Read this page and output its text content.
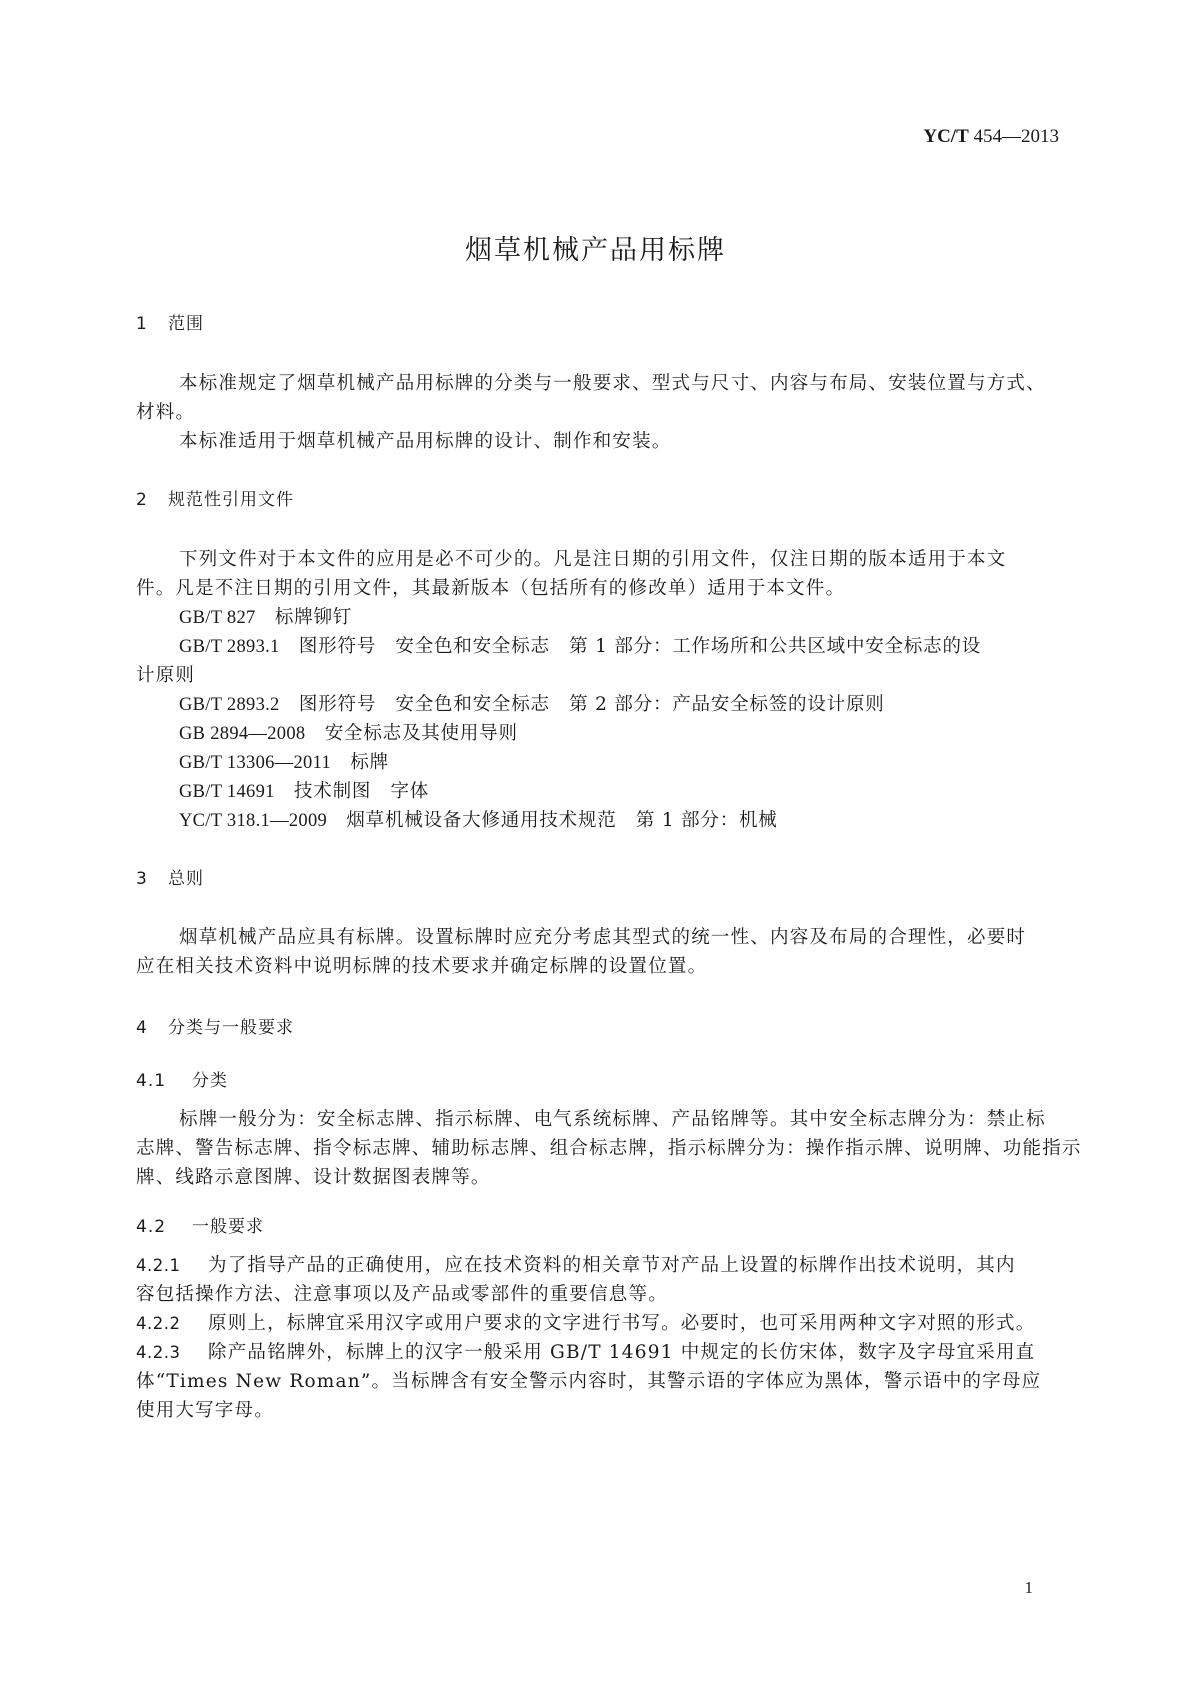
YC/T 454—2013
烟草机械产品用标牌
1 范围
本标准规定了烟草机械产品用标牌的分类与一般要求、型式与尺寸、内容与布局、安装位置与方式、
材料。
本标准适用于烟草机械产品用标牌的设计、制作和安装。
2 规范性引用文件
下列文件对于本文件的应用是必不可少的。凡是注日期的引用文件，仅注日期的版本适用于本文
件。凡是不注日期的引用文件，其最新版本（包括所有的修改单）适用于本文件。
GB/T 827　 标牌铆钉
GB/T 2893.1　 图形符号　安全色和安全标志　第 1 部分：工作场所和公共区域中安全标志的设
计原则
GB/T 2893.2　 图形符号　安全色和安全标志　第 2 部分：产品安全标签的设计原则
GB 2894—2008　 安全标志及其使用导则
GB/T 13306—2011　 标牌
GB/T 14691　 技术制图　字体
YC/T 318.1—2009　 烟草机械设备大修通用技术规范　第 1 部分：机械
3 总则
烟草机械产品应具有标牌。设置标牌时应充分考虑其型式的统一性、内容及布局的合理性，必要时
应在相关技术资料中说明标牌的技术要求并确定标牌的设置位置。
4 分类与一般要求
4.1 分类
标牌一般分为：安全标志牌、指示标牌、电气系统标牌、产品铭牌等。其中安全标志牌分为：禁止标
志牌、警告标志牌、指令标志牌、辅助标志牌、组合标志牌，指示标牌分为：操作指示牌、说明牌、功能指示
牌、线路示意图牌、设计数据图表牌等。
4.2 一般要求
4.2.1 为了指导产品的正确使用，应在技术资料的相关章节对产品上设置的标牌作出技术说明，其内
容包括操作方法、注意事项以及产品或零部件的重要信息等。
4.2.2 原则上，标牌宜采用汉字或用户要求的文字进行书写。必要时，也可采用两种文字对照的形式。
4.2.3 除产品铭牌外，标牌上的汉字一般采用 GB/T 14691 中规定的长仿宋体，数字及字母宜采用直
体“Times New Roman”。当标牌含有安全警示内容时，其警示语的字体应为黑体，警示语中的字母应
使用大写字母。
1
